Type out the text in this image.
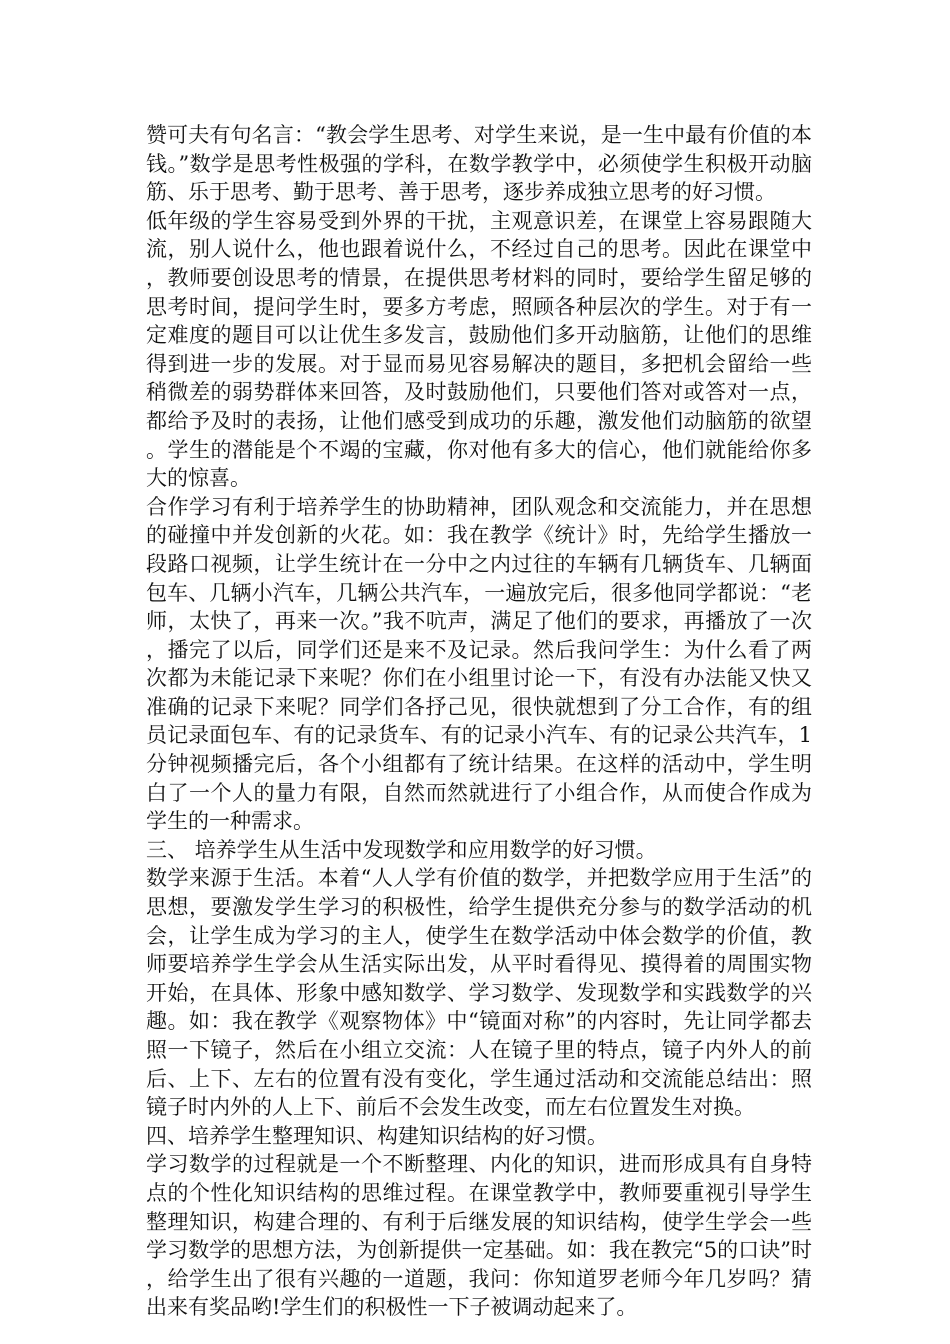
赞可夫有句名言：“教会学生思考、对学生来说，是一生中最有价值的本钱。”数学是思考性极强的学科，在数学教学中，必须使学生积极开动脑筋、乐于思考、勤于思考、善于思考，逐步养成独立思考的好习惯。

低年级的学生容易受到外界的干扰，主观意识差，在课堂上容易跟随大流，别人说什么，他也跟着说什么，不经过自己的思考。因此在课堂中，教师要创设思考的情景，在提供思考材料的同时，要给学生留足够的思考时间，提问学生时，要多方考虑，照顾各种层次的学生。对于有一定难度的题目可以让优生多发言，鼓励他们多开动脑筋，让他们的思维得到进一步的发展。对于显而易见容易解决的题目，多把机会留给一些稍微差的弱势群体来回答，及时鼓励他们，只要他们答对或答对一点，都给予及时的表扬，让他们感受到成功的乐趣，激发他们动脑筋的欲望。学生的潜能是个不竭的宝藏，你对他有多大的信心，他们就能给你多大的惊喜。

合作学习有利于培养学生的协助精神，团队观念和交流能力，并在思想的碰撞中并发创新的火花。如：我在教学《统计》时，先给学生播放一段路口视频，让学生统计在一分中之内过往的车辆有几辆货车、几辆面包车、几辆小汽车，几辆公共汽车，一遍放完后，很多他同学都说：“老师，太快了，再来一次。”我不吭声，满足了他们的要求，再播放了一次，播完了以后，同学们还是来不及记录。然后我问学生：为什么看了两次都为未能记录下来呢？你们在小组里讨论一下，有没有办法能又快又准确的记录下来呢？同学们各抒己见，很快就想到了分工合作，有的组员记录面包车、有的记录货车、有的记录小汽车、有的记录公共汽车，1 分钟视频播完后，各个小组都有了统计结果。在这样的活动中，学生明白了一个人的量力有限，自然而然就进行了小组合作，从而使合作成为学生的一种需求。

三、 培养学生从生活中发现数学和应用数学的好习惯。

数学来源于生活。本着“人人学有价值的数学，并把数学应用于生活”的思想，要激发学生学习的积极性，给学生提供充分参与的数学活动的机会，让学生成为学习的主人，使学生在数学活动中体会数学的价值，教师要培养学生学会从生活实际出发，从平时看得见、摸得着的周围实物开始，在具体、形象中感知数学、学习数学、发现数学和实践数学的兴趣。如：我在教学《观察物体》中“镜面对称”的内容时，先让同学都去照一下镜子，然后在小组立交流：人在镜子里的特点，镜子内外人的前后、上下、左右的位置有没有变化，学生通过活动和交流能总结出：照镜子时内外的人上下、前后不会发生改变，而左右位置发生对换。

四、培养学生整理知识、构建知识结构的好习惯。

学习数学的过程就是一个不断整理、内化的知识，进而形成具有自身特点的个性化知识结构的思维过程。在课堂教学中，教师要重视引导学生整理知识，构建合理的、有利于后继发展的知识结构，使学生学会一些学习数学的思想方法，为创新提供一定基础。如：我在教完“5的口诀”时，给学生出了很有兴趣的一道题，我问：你知道罗老师今年几岁吗？猜出来有奖品哟!学生们的积极性一下子被调动起来了。
